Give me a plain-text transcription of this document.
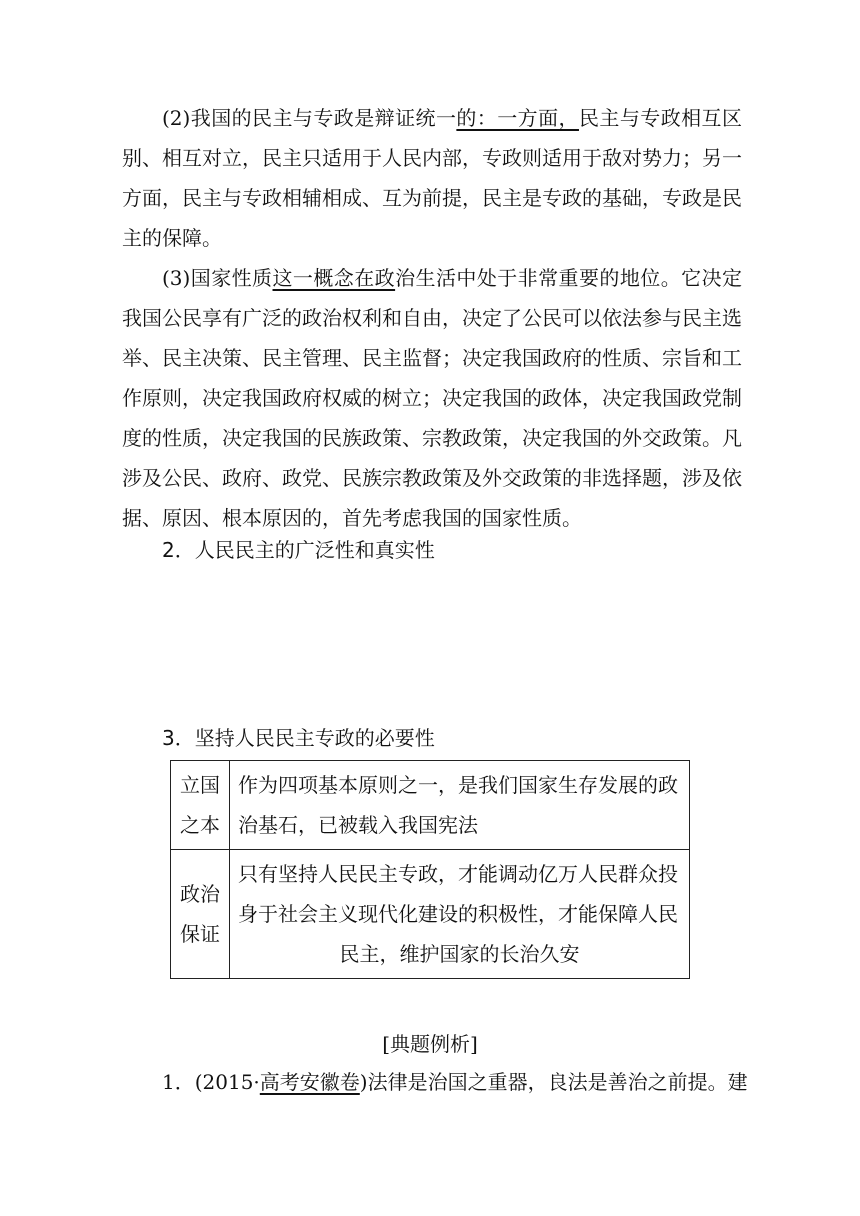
(2)我国的民主与专政是辩证统一的：一方面，民主与专政相互区别、相互对立，民主只适用于人民内部，专政则适用于敌对势力；另一方面，民主与专政相辅相成、互为前提，民主是专政的基础，专政是民主的保障。

(3)国家性质这一概念在政治生活中处于非常重要的地位。它决定我国公民享有广泛的政治权利和自由，决定了公民可以依法参与民主选举、民主决策、民主管理、民主监督；决定我国政府的性质、宗旨和工作原则，决定我国政府权威的树立；决定我国的政体，决定我国政党制度的性质，决定我国的民族政策、宗教政策，决定我国的外交政策。凡涉及公民、政府、政党、民族宗教政策及外交政策的非选择题，涉及依据、原因、根本原因的，首先考虑我国的国家性质。

2．人民民主的广泛性和真实性

3．坚持人民民主专政的必要性

立国之本	作为四项基本原则之一，是我们国家生存发展的政治基石，已被载入我国宪法
政治保证	只有坚持人民民主专政，才能调动亿万人民群众投身于社会主义现代化建设的积极性，才能保障人民
民主，维护国家的长治久安
[典题例析]

1．(2015·高考安徽卷)法律是治国之重器，良法是善治之前提。建
